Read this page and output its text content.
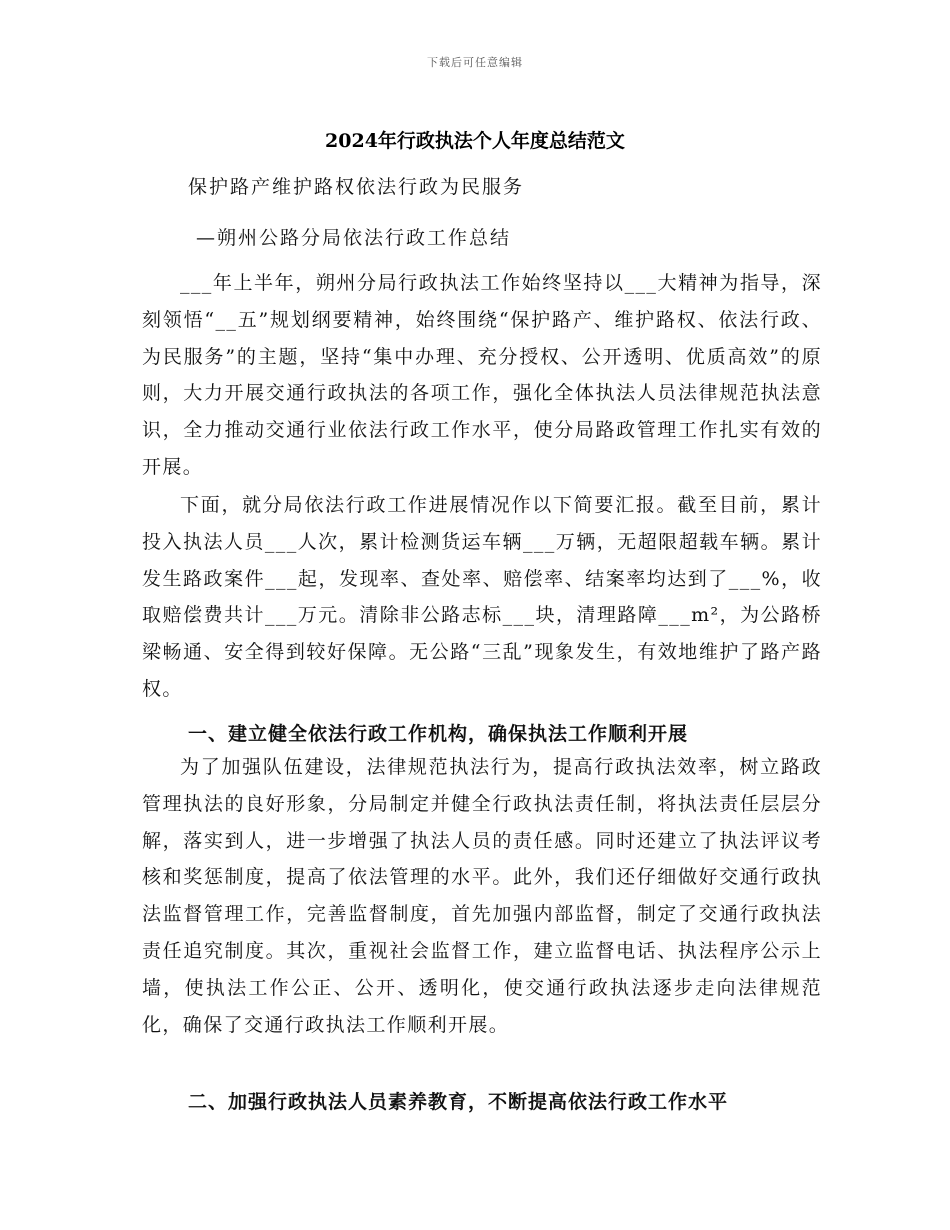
下载后可任意编辑
2024年行政执法个人年度总结范文
保护路产维护路权依法行政为民服务
—朔州公路分局依法行政工作总结

___年上半年，朔州分局行政执法工作始终坚持以___大精神为指导，深刻领悟“__五”规划纲要精神，始终围绕“保护路产、维护路权、依法行政、为民服务”的主题，坚持“集中办理、充分授权、公开透明、优质高效”的原则，大力开展交通行政执法的各项工作，强化全体执法人员法律规范执法意识，全力推动交通行业依法行政工作水平，使分局路政管理工作扎实有效的开展。

下面，就分局依法行政工作进展情况作以下简要汇报。截至目前，累计投入执法人员___人次，累计检测货运车辆___万辆，无超限超载车辆。累计发生路政案件___起，发现率、查处率、赔偿率、结案率均达到了___%，收取赔偿费共计___万元。清除非公路志标___块，清理路障___m²，为公路桥梁畅通、安全得到较好保障。无公路“三乱”现象发生，有效地维护了路产路权。

一、建立健全依法行政工作机构，确保执法工作顺利开展

为了加强队伍建设，法律规范执法行为，提高行政执法效率，树立路政管理执法的良好形象，分局制定并健全行政执法责任制，将执法责任层层分解，落实到人，进一步增强了执法人员的责任感。同时还建立了执法评议考核和奖惩制度，提高了依法管理的水平。此外，我们还仔细做好交通行政执法监督管理工作，完善监督制度，首先加强内部监督，制定了交通行政执法责任追究制度。其次，重视社会监督工作，建立监督电话、执法程序公示上墙，使执法工作公正、公开、透明化，使交通行政执法逐步走向法律规范化，确保了交通行政执法工作顺利开展。

二、加强行政执法人员素养教育，不断提高依法行政工作水平
